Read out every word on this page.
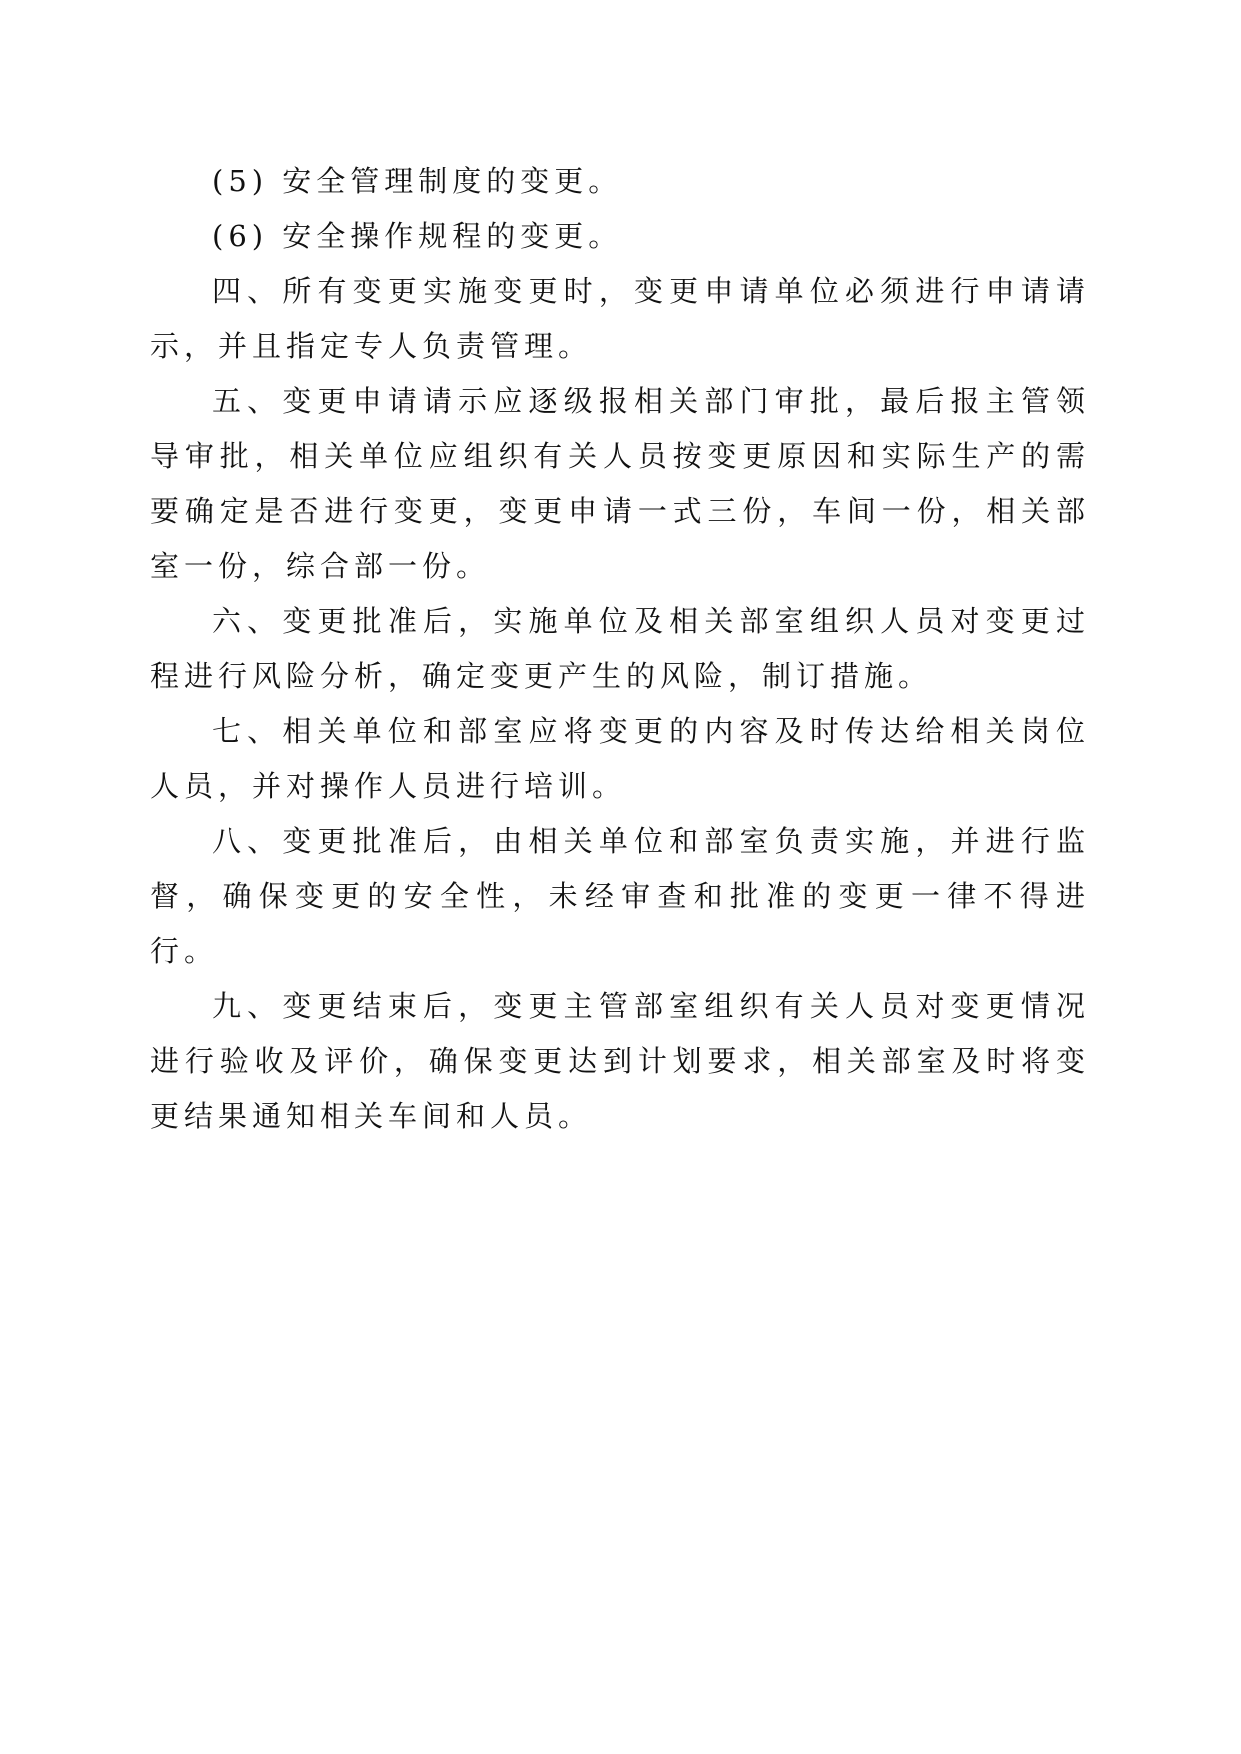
(5) 安全管理制度的变更。

(6) 安全操作规程的变更。

四、所有变更实施变更时，变更申请单位必须进行申请请示，并且指定专人负责管理。

五、变更申请请示应逐级报相关部门审批，最后报主管领导审批，相关单位应组织有关人员按变更原因和实际生产的需要确定是否进行变更，变更申请一式三份，车间一份，相关部室一份，综合部一份。

六、变更批准后，实施单位及相关部室组织人员对变更过程进行风险分析，确定变更产生的风险，制订措施。

七、相关单位和部室应将变更的内容及时传达给相关岗位人员，并对操作人员进行培训。

八、变更批准后，由相关单位和部室负责实施，并进行监督，确保变更的安全性，未经审查和批准的变更一律不得进行。

九、变更结束后，变更主管部室组织有关人员对变更情况进行验收及评价，确保变更达到计划要求，相关部室及时将变更结果通知相关车间和人员。
